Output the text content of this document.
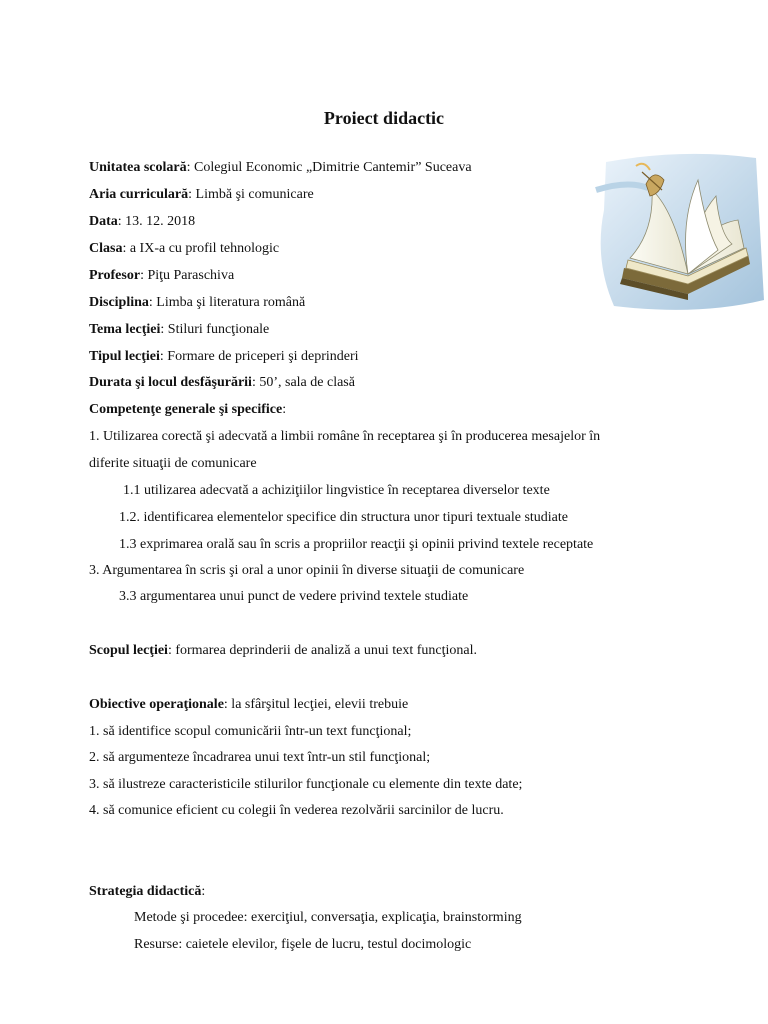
Proiect didactic
Unitatea scolară: Colegiul Economic „Dimitrie Cantemir” Suceava
Aria curriculară: Limbă şi comunicare
Data: 13. 12. 2018
Clasa: a IX-a cu profil tehnologic
Profesor: Piţu Paraschiva
Disciplina: Limba şi literatura română
Tema lecţiei: Stiluri funcţionale
Tipul lecţiei: Formare de priceperi şi deprinderi
Durata şi locul desfăşurării: 50’, sala de clasă
Competenţe generale şi specifice:
1. Utilizarea corectă şi adecvată a limbii române în receptarea şi în producerea mesajelor în
diferite situaţii de comunicare
1.1 utilizarea adecvată a achiziţiilor lingvistice în receptarea diverselor texte
1.2. identificarea elementelor specifice din structura unor tipuri textuale studiate
1.3 exprimarea orală sau în scris a propriilor reacţii şi opinii privind textele receptate
3. Argumentarea în scris şi oral a unor opinii în diverse situaţii de comunicare
3.3 argumentarea unui punct de vedere privind textele studiate
Scopul lecţiei: formarea deprinderii de analiză a unui text funcţional.
Obiective operaţionale: la sfârşitul lecţiei, elevii trebuie
1. să identifice scopul comunicării într-un text funcţional;
2. să argumenteze încadrarea unui text într-un stil funcţional;
3. să ilustreze caracteristicile stilurilor funcţionale cu elemente din texte date;
4. să comunice eficient cu colegii în vederea rezolvării sarcinilor de lucru.
Strategia didactică:
Metode şi procedee: exerciţiul, conversaţia, explicaţia, brainstorming
Resurse: caietele elevilor, fişele de lucru, testul docimologic
